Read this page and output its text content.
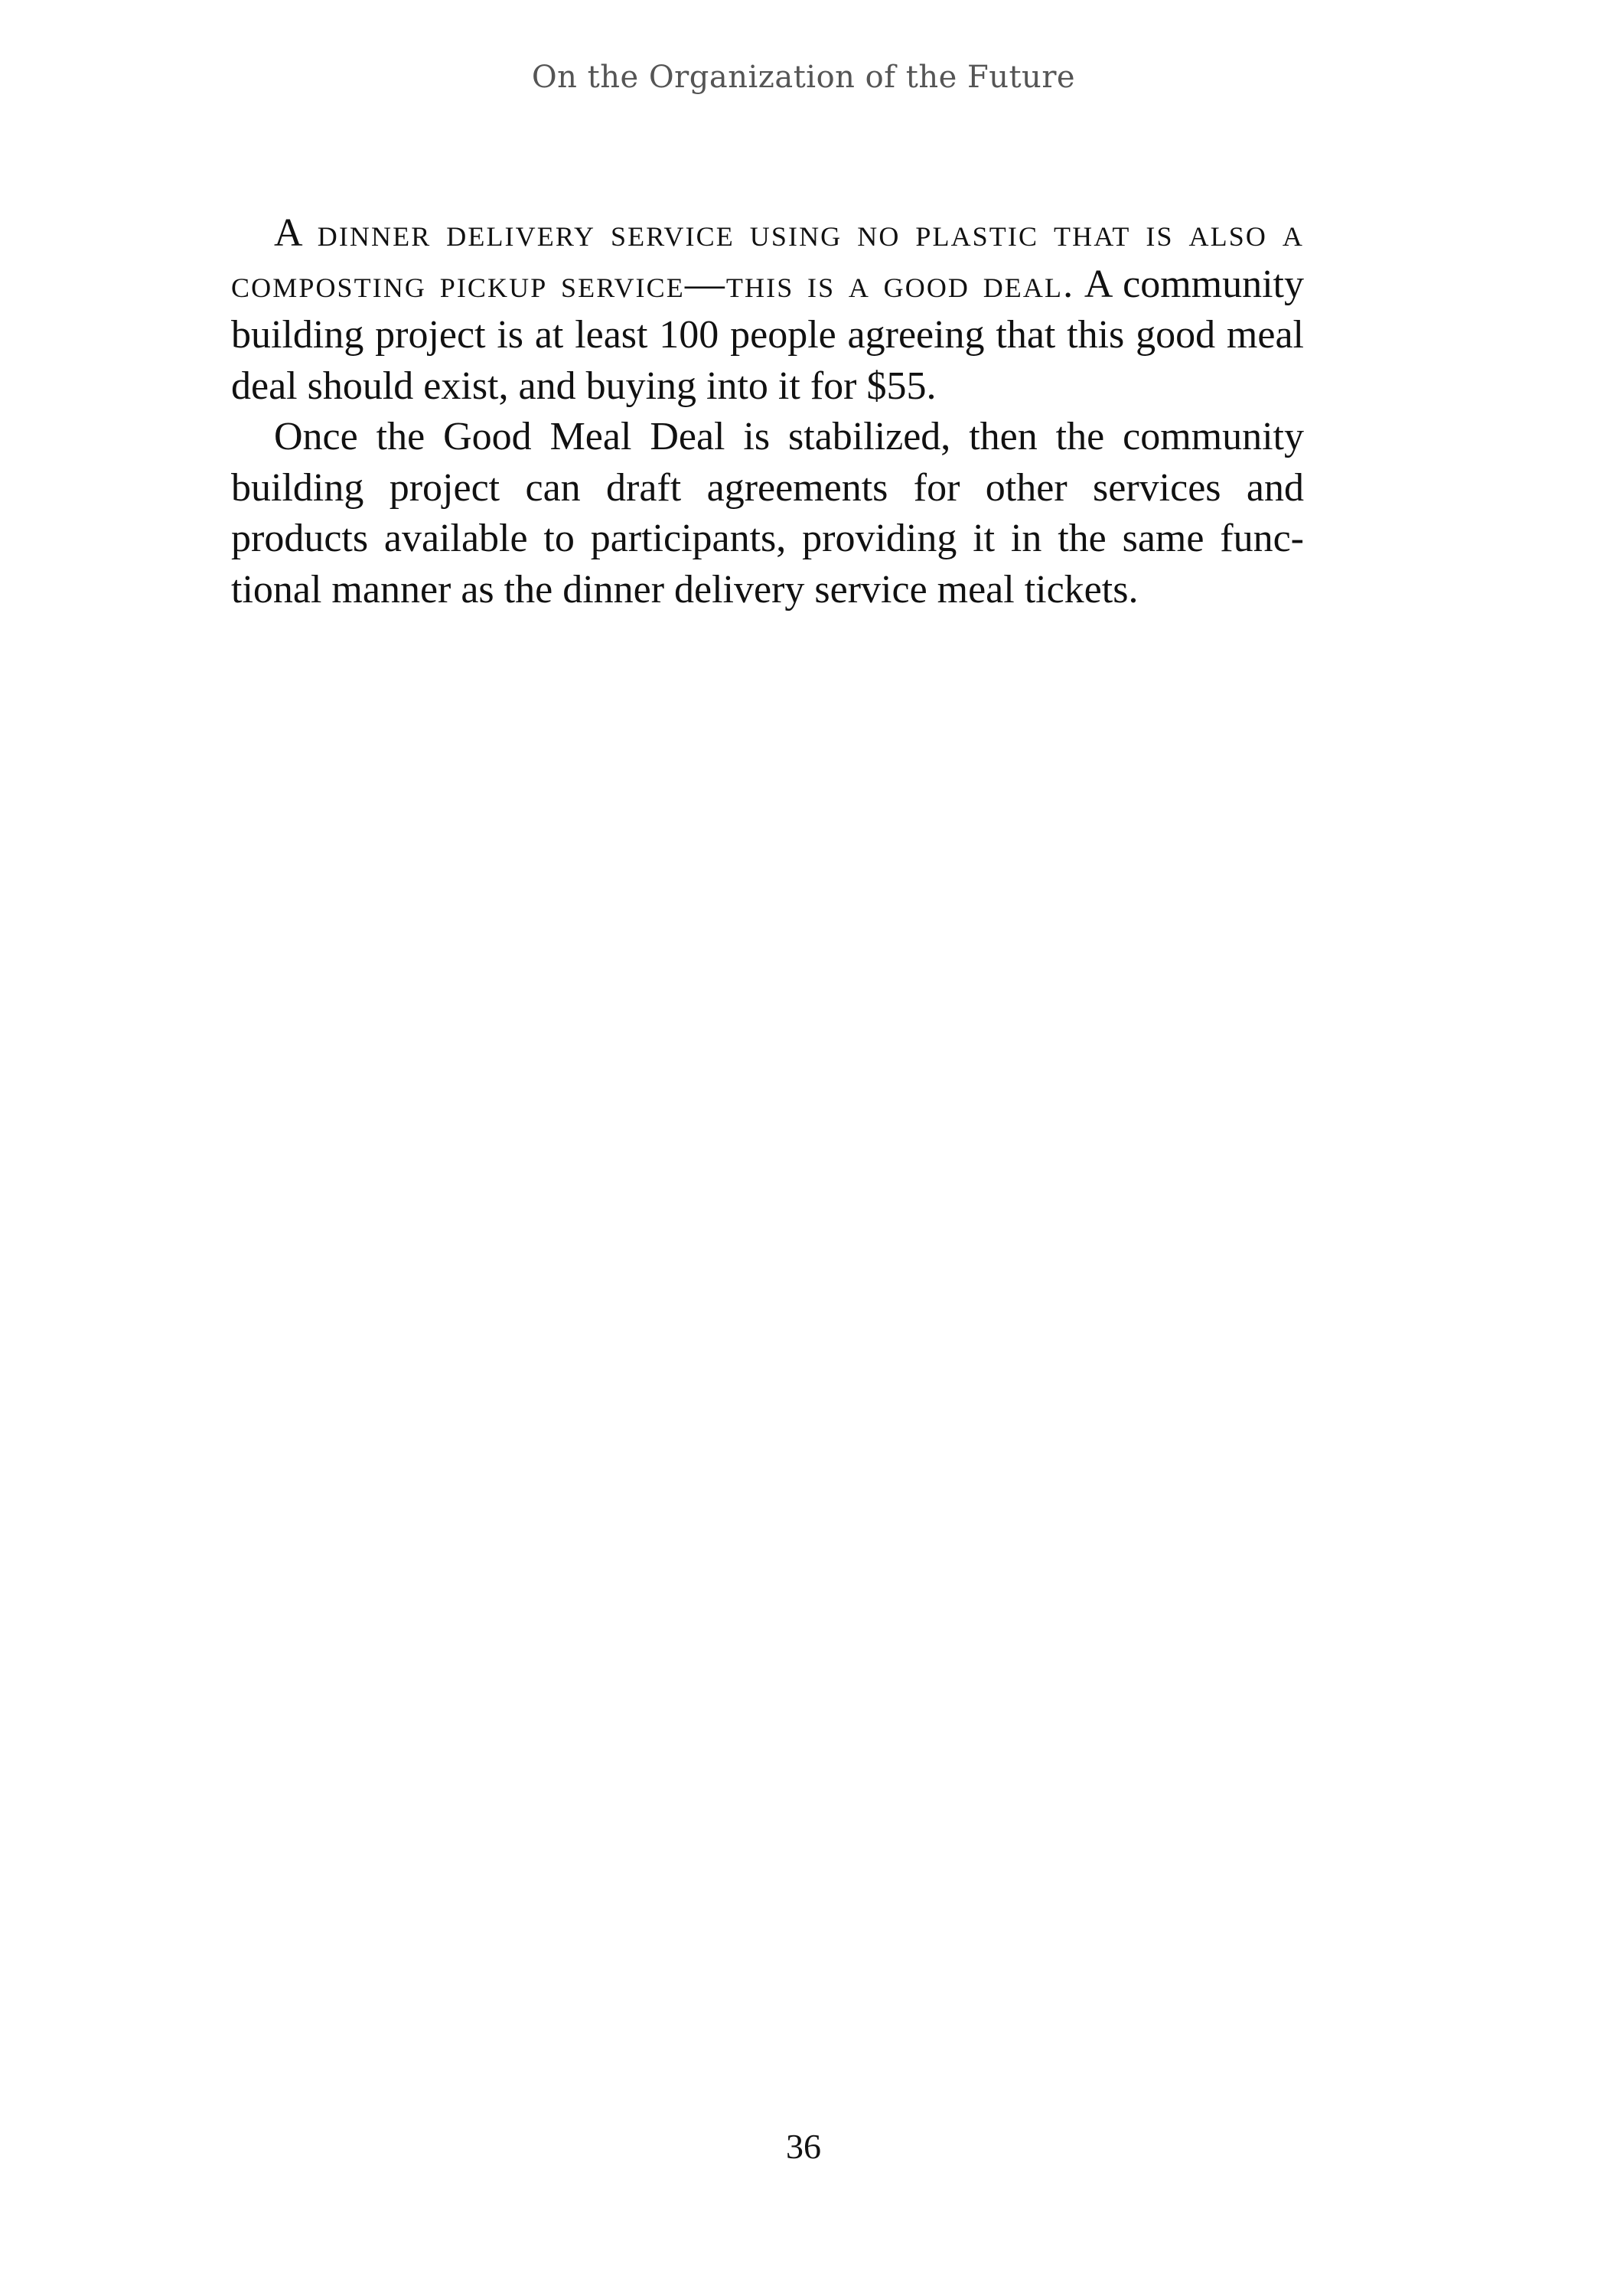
On the Organization of the Future

A dinner delivery service using no plastic that is also a composting pickup service—this is a good deal. A community building project is at least 100 people agreeing that this good meal deal should exist, and buying into it for $55.

Once the Good Meal Deal is stabilized, then the community building project can draft agreements for other services and products available to participants, providing it in the same functional manner as the dinner delivery service meal tickets.

36
